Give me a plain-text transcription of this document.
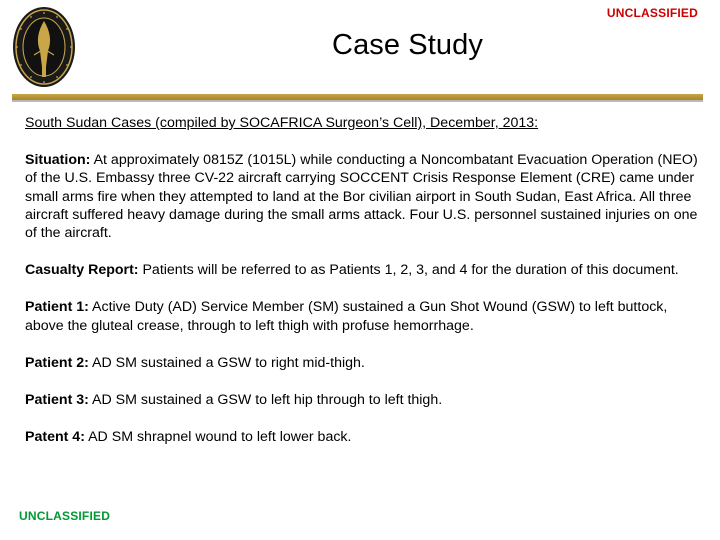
UNCLASSIFIED
Case Study

South Sudan Cases (compiled by SOCAFRICA Surgeon’s Cell), December, 2013:

Situation: At approximately 0815Z (1015L) while conducting a Noncombatant Evacuation Operation (NEO) of the U.S. Embassy three CV-22 aircraft carrying SOCCENT Crisis Response Element (CRE) came under small arms fire when they attempted to land at the Bor civilian airport in South Sudan, East Africa. All three aircraft suffered heavy damage during the small arms attack. Four U.S. personnel sustained injuries on one of the aircraft.

Casualty Report: Patients will be referred to as Patients 1, 2, 3, and 4 for the duration of this document.

Patient 1: Active Duty (AD) Service Member (SM) sustained a Gun Shot Wound (GSW) to left buttock, above the gluteal crease, through to left thigh with profuse hemorrhage.

Patient 2: AD SM sustained a GSW to right mid-thigh.

Patient 3: AD SM sustained a GSW to left hip through to left thigh.

Patent 4: AD SM shrapnel wound to left lower back.

UNCLASSIFIED
